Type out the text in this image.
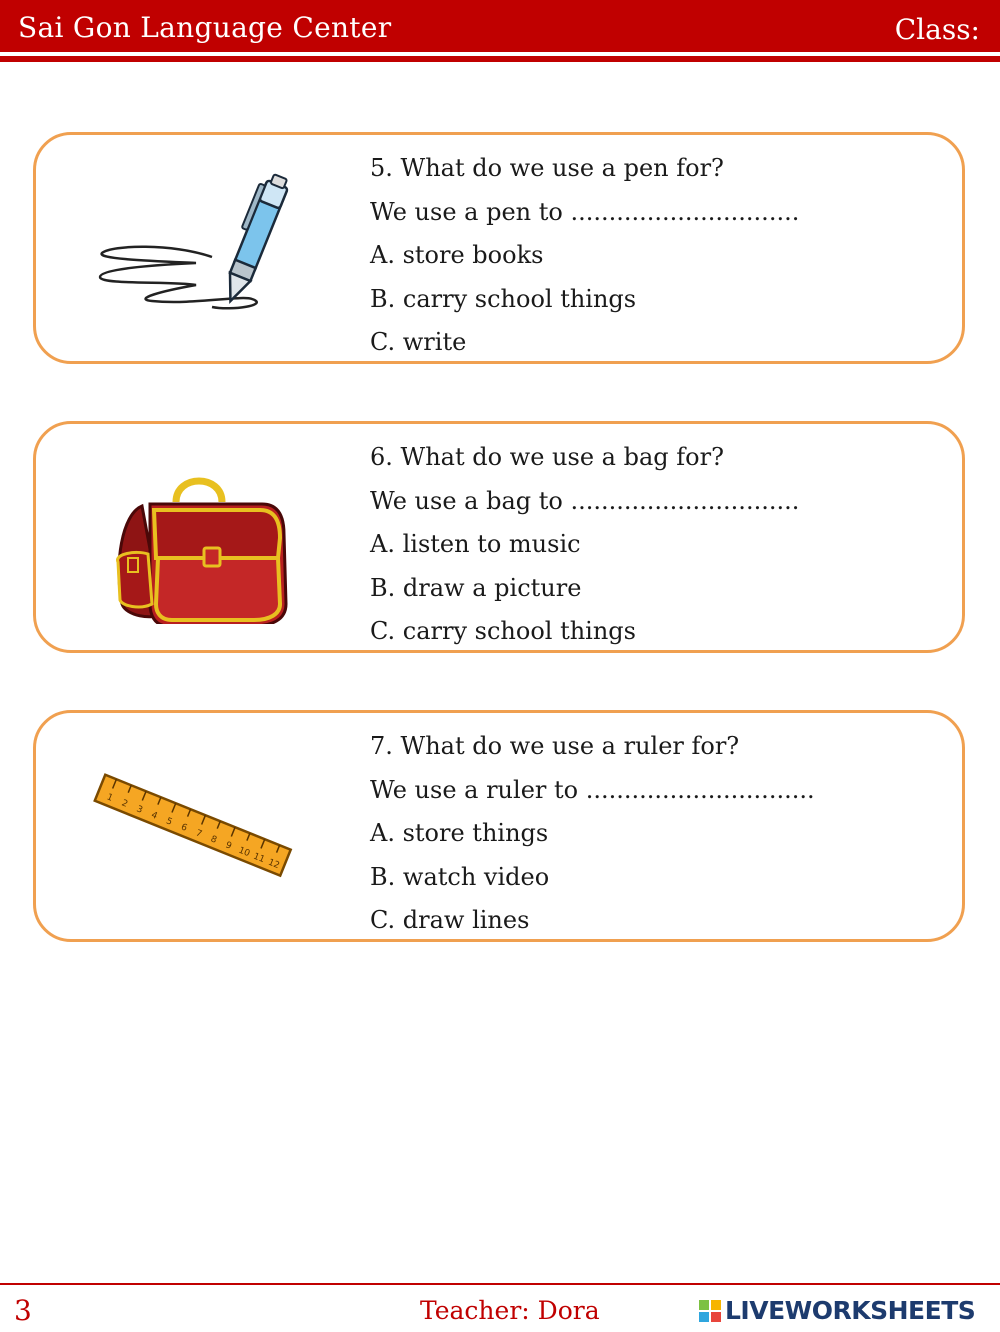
Sai Gon Language Center	Class:
5. What do we use a pen for?
We use a pen to ..............................
A. store books
B. carry school things
C. write
6. What do we use a bag for?
We use a bag to ..............................
A. listen to music
B. draw a picture
C. carry school things
1
2
3
4
5
6
7
8
9 10 11 12
7. What do we use a ruler for?
We use a ruler to ..............................
A. store things
B. watch video
C. draw lines
3	Teacher: Dora	LIVEWORKSHEETS
